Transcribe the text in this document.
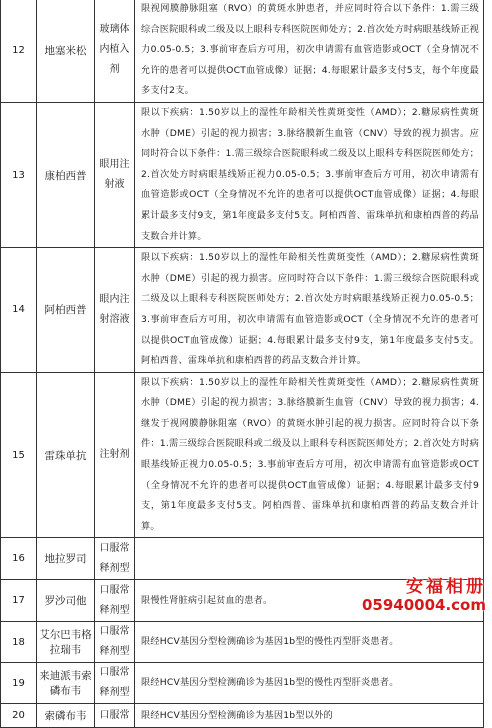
12	地塞米松	玻璃体内植入剂	限视网膜静脉阻塞（RVO）的黄斑水肿患者，并应同时符合以下条件：1.需三级综合医院眼科或二级及以上眼科专科医院医师处方；2.首次处方时病眼基线矫正视力0.05-0.5；3.事前审查后方可用，初次申请需有血管造影或OCT（全身情况不允许的患者可以提供OCT血管成像）证据；4.每眼累计最多支付5支，每个年度最多支付2支。
13	康柏西普	眼用注射液	限以下疾病：1.50岁以上的湿性年龄相关性黄斑变性（AMD）；2.糖尿病性黄斑水肿（DME）引起的视力损害；3.脉络膜新生血管（CNV）导致的视力损害。应同时符合以下条件：1.需三级综合医院眼科或二级及以上眼科专科医院医师处方；2.首次处方时病眼基线矫正视力0.05-0.5；3.事前审查后方可用，初次申请需有血管造影或OCT（全身情况不允许的患者可以提供OCT血管成像）证据；4.每眼累计最多支付9支，第1年度最多支付5支。阿柏西普、雷珠单抗和康柏西普的药品支数合并计算。
14	阿柏西普	眼内注射溶液	限以下疾病：1.50岁以上的湿性年龄相关性黄斑变性（AMD）；2.糖尿病性黄斑水肿（DME）引起的视力损害。应同时符合以下条件：1.需三级综合医院眼科或二级及以上眼科专科医院医师处方；2.首次处方时病眼基线矫正视力0.05-0.5；3.事前审查后方可用，初次申请需有血管造影或OCT（全身情况不允许的患者可以提供OCT血管成像）证据；4.每眼累计最多支付9支，第1年度最多支付5支。阿柏西普、雷珠单抗和康柏西普的药品支数合并计算。
15	雷珠单抗	注射剂	限以下疾病：1.50岁以上的湿性年龄相关性黄斑变性（AMD）；2.糖尿病性黄斑水肿（DME）引起的视力损害；3.脉络膜新生血管（CNV）导致的视力损害；4.继发于视网膜静脉阻塞（RVO）的黄斑水肿引起的视力损害。应同时符合以下条件：1.需三级综合医院眼科或二级及以上眼科专科医院医师处方；2.首次处方时病眼基线矫正视力0.05-0.5；3.事前审查后方可用，初次申请需有血管造影或OCT（全身情况不允许的患者可以提供OCT血管成像）证据；4.每眼累计最多支付9支，第1年度最多支付5支。阿柏西普、雷珠单抗和康柏西普的药品支数合并计算。
16	地拉罗司	口服常释剂型	
17	罗沙司他	口服常释剂型	限慢性肾脏病引起贫血的患者。
18	艾尔巴韦格拉瑞韦	口服常释剂型	限经HCV基因分型检测确诊为基因1b型的慢性丙型肝炎患者。
19	来迪派韦索磷布韦	口服常释剂型	限经HCV基因分型检测确诊为基因1b型的慢性丙型肝炎患者。
20	索磷布韦	口服常	限经HCV基因分型检测确诊为基因1b型以外的
安福相册
05940004.com
